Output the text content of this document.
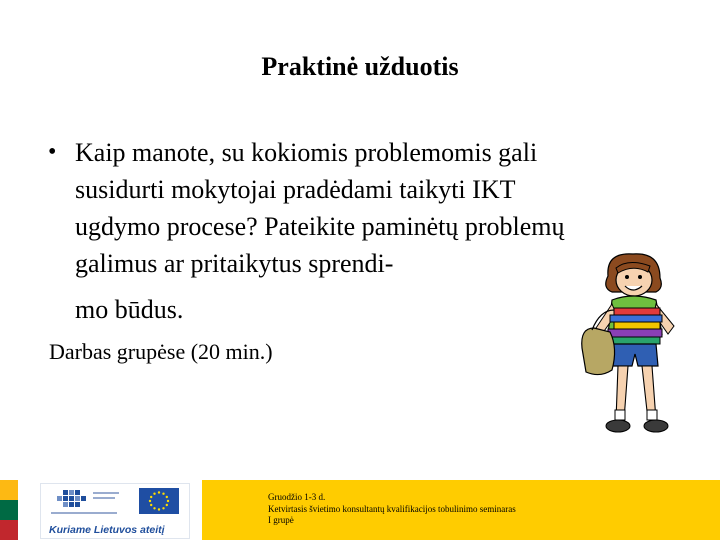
Praktinė užduotis
• Kaip manote, su kokiomis problemomis gali
susidurti mokytojai pradėdami taikyti IKT
ugdymo procese? Pateikite paminėtų problemų
galimus ar pritaikytus sprendi-
mo būdus.
Darbas grupėse (20 min.)
Kuriame Lietuvos ateitį
Gruodžio 1-3 d.
Ketvirtasis švietimo konsultantų kvalifikacijos tobulinimo seminaras
I grupė
